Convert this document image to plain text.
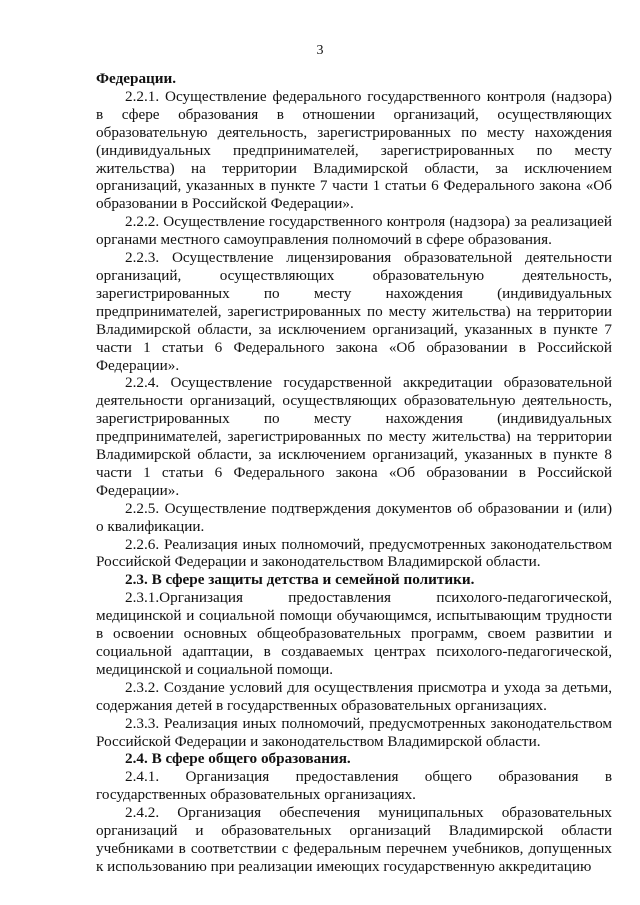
3

Федерации.

2.2.1. Осуществление федерального государственного контроля (надзора) в сфере образования в отношении организаций, осуществляющих образовательную деятельность, зарегистрированных по месту нахождения (индивидуальных предпринимателей, зарегистрированных по месту жительства) на территории Владимирской области, за исключением организаций, указанных в пункте 7 части 1 статьи 6 Федерального закона «Об образовании в Российской Федерации».

2.2.2. Осуществление государственного контроля (надзора) за реализацией органами местного самоуправления полномочий в сфере образования.

2.2.3. Осуществление лицензирования образовательной деятельности организаций, осуществляющих образовательную деятельность, зарегистрированных по месту нахождения (индивидуальных предпринимателей, зарегистрированных по месту жительства) на территории Владимирской области, за исключением организаций, указанных в пункте 7 части 1 статьи 6 Федерального закона «Об образовании в Российской Федерации».

2.2.4. Осуществление государственной аккредитации образовательной деятельности организаций, осуществляющих образовательную деятельность, зарегистрированных по месту нахождения (индивидуальных предпринимателей, зарегистрированных по месту жительства) на территории Владимирской области, за исключением организаций, указанных в пункте 8 части 1 статьи 6 Федерального закона «Об образовании в Российской Федерации».

2.2.5. Осуществление подтверждения документов об образовании и (или) о квалификации.

2.2.6. Реализация иных полномочий, предусмотренных законодательством Российской Федерации и законодательством Владимирской области.

2.3. В сфере защиты детства и семейной политики.

2.3.1.Организация предоставления психолого-педагогической, медицинской и социальной помощи обучающимся, испытывающим трудности в освоении основных общеобразовательных программ, своем развитии и социальной адаптации, в создаваемых центрах психолого-педагогической, медицинской и социальной помощи.

2.3.2. Создание условий для осуществления присмотра и ухода за детьми, содержания детей в государственных образовательных организациях.

2.3.3. Реализация иных полномочий, предусмотренных законодательством Российской Федерации и законодательством Владимирской области.

2.4. В сфере общего образования.

2.4.1. Организация предоставления общего образования в государственных образовательных организациях.

2.4.2. Организация обеспечения муниципальных образовательных организаций и образовательных организаций Владимирской области учебниками в соответствии с федеральным перечнем учебников, допущенных к использованию при реализации имеющих государственную аккредитацию
